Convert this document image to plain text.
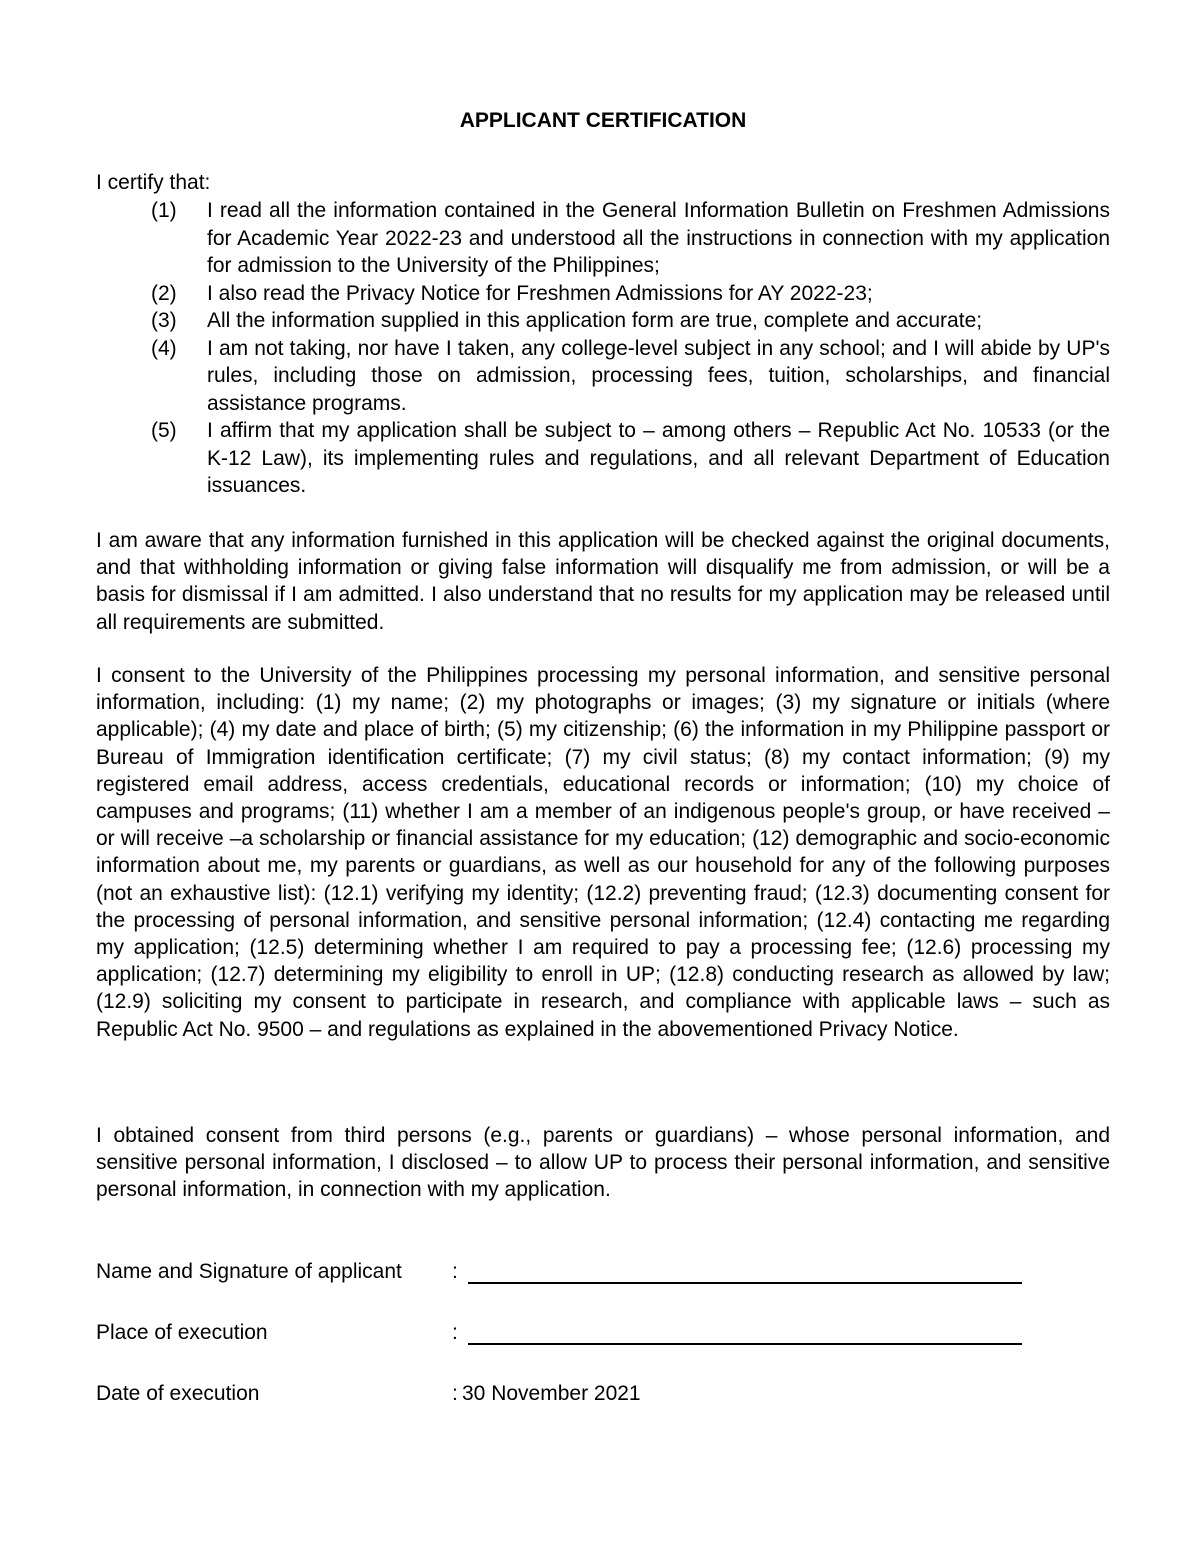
APPLICANT CERTIFICATION
I certify that:
(1) I read all the information contained in the General Information Bulletin on Freshmen Admissions for Academic Year 2022-23 and understood all the instructions in connection with my application for admission to the University of the Philippines;
(2) I also read the Privacy Notice for Freshmen Admissions for AY 2022-23;
(3) All the information supplied in this application form are true, complete and accurate;
(4) I am not taking, nor have I taken, any college-level subject in any school; and I will abide by UP's rules, including those on admission, processing fees, tuition, scholarships, and financial assistance programs.
(5) I affirm that my application shall be subject to – among others – Republic Act No. 10533 (or the K-12 Law), its implementing rules and regulations, and all relevant Department of Education issuances.

I am aware that any information furnished in this application will be checked against the original documents, and that withholding information or giving false information will disqualify me from admission, or will be a basis for dismissal if I am admitted. I also understand that no results for my application may be released until all requirements are submitted.

I consent to the University of the Philippines processing my personal information, and sensitive personal information, including: (1) my name; (2) my photographs or images; (3) my signature or initials (where applicable); (4) my date and place of birth; (5) my citizenship; (6) the information in my Philippine passport or Bureau of Immigration identification certificate; (7) my civil status; (8) my contact information; (9) my registered email address, access credentials, educational records or information; (10) my choice of campuses and programs; (11) whether I am a member of an indigenous people's group, or have received – or will receive –a scholarship or financial assistance for my education; (12) demographic and socio-economic information about me, my parents or guardians, as well as our household for any of the following purposes (not an exhaustive list): (12.1) verifying my identity; (12.2) preventing fraud; (12.3) documenting consent for the processing of personal information, and sensitive personal information; (12.4) contacting me regarding my application; (12.5) determining whether I am required to pay a processing fee; (12.6) processing my application; (12.7) determining my eligibility to enroll in UP; (12.8) conducting research as allowed by law; (12.9) soliciting my consent to participate in research, and compliance with applicable laws – such as Republic Act No. 9500 – and regulations as explained in the abovementioned Privacy Notice.

I obtained consent from third persons (e.g., parents or guardians) – whose personal information, and sensitive personal information, I disclosed – to allow UP to process their personal information, and sensitive personal information, in connection with my application.

Name and Signature of applicant :
Place of execution	:
Date of execution	: 30 November 2021
